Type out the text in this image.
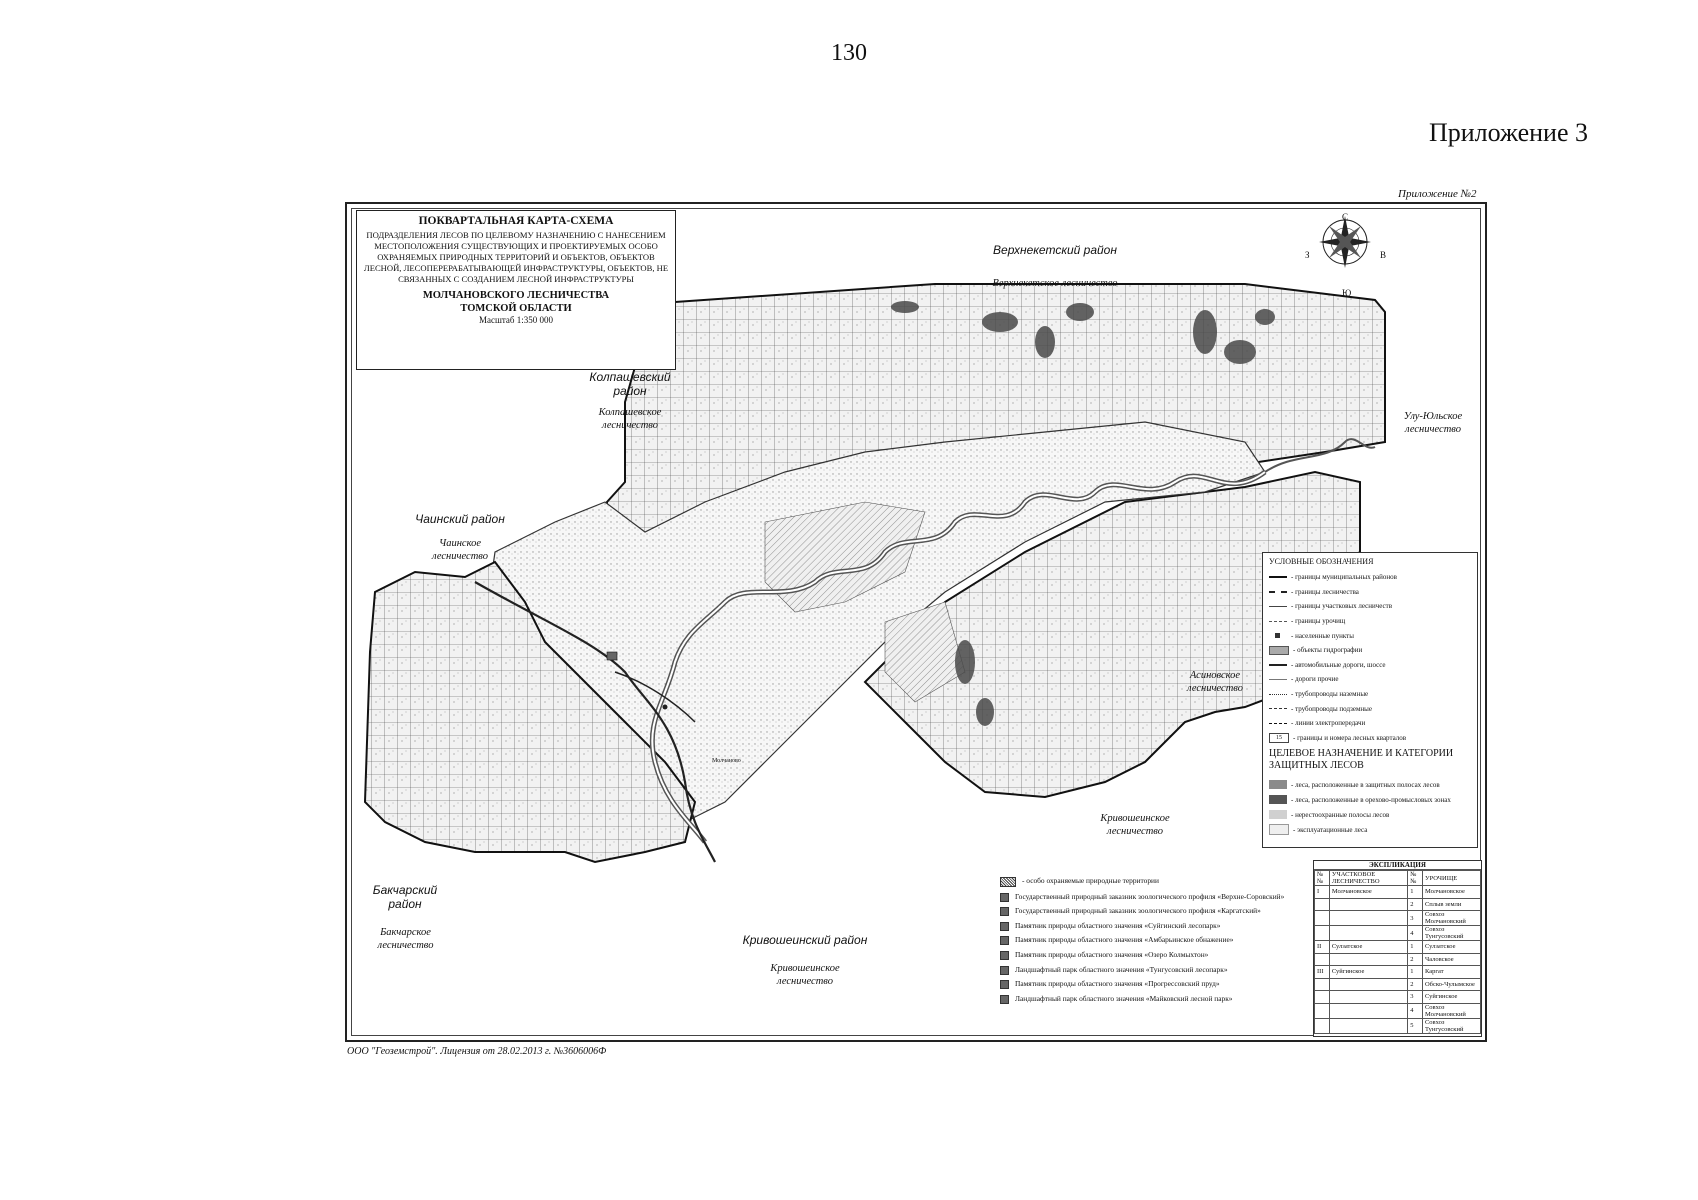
130
Приложение 3
Приложение №2
С
Ю
З	В
ПОКВАРТАЛЬНАЯ КАРТА-СХЕМА
ПОДРАЗДЕЛЕНИЯ ЛЕСОВ ПО ЦЕЛЕВОМУ НАЗНАЧЕНИЮ С НАНЕСЕНИЕМ МЕСТОПОЛОЖЕНИЯ СУЩЕСТВУЮЩИХ И ПРОЕКТИРУЕМЫХ ОСОБО ОХРАНЯЕМЫХ ПРИРОДНЫХ ТЕРРИТОРИЙ И ОБЪЕКТОВ, ОБЪЕКТОВ ЛЕСНОЙ, ЛЕСОПЕРЕРАБАТЫВАЮЩЕЙ ИНФРАСТРУКТУРЫ, ОБЪЕКТОВ, НЕ СВЯЗАННЫХ С СОЗДАНИЕМ ЛЕСНОЙ ИНФРАСТРУКТУРЫ
МОЛЧАНОВСКОГО ЛЕСНИЧЕСТВА
ТОМСКОЙ ОБЛАСТИ
Масштаб 1:350 000
Верхнекетский район
Верхнекетское лесничество
Колпашевский
район
Колпашевское
лесничество
Чаинский район
Чаинское
лесничество
Улу-Юльское
лесничество
Асиновское
лесничество
Кривошеинское
лесничество
Бакчарский
район
Бакчарское
лесничество	Кривошеинский район
Кривошеинское
лесничество
Молчаново
УСЛОВНЫЕ ОБОЗНАЧЕНИЯ
- границы муниципальных районов
- границы лесничества
- границы участковых лесничеств
- границы урочищ
- населенные пункты
- объекты гидрографии
- автомобильные дороги, шоссе
- дороги прочие
- трубопроводы наземные
- трубопроводы подземные
- линии электропередачи
15	- границы и номера лесных кварталов
ЦЕЛЕВОЕ НАЗНАЧЕНИЕ И КАТЕГОРИИ ЗАЩИТНЫХ ЛЕСОВ
- леса, расположенные в защитных полосах лесов
- леса, расположенные в орехово-промысловых зонах
- нерестоохранные полосы лесов
- эксплуатационные леса
- особо охраняемые природные территории
Государственный природный заказник зоологического профиля «Верхне-Соровский»
Государственный природный заказник зоологического профиля «Каргатский»
Памятник природы областного значения «Суйгинский лесопарк»
Памятник природы областного значения «Амбарьинское обнажение»
Памятник природы областного значения «Озеро Колмыхтон»
Ландшафтный парк областного значения «Тунгусовский лесопарк»
Памятник природы областного значения «Прогрессовский пруд»
Ландшафтный парк областного значения «Майковский лесной парк»
ЭКСПЛИКАЦИЯ
№№	УЧАСТКОВОЕ ЛЕСНИЧЕСТВО	№№	УРОЧИЩЕ
I	Молчановское	1	Молчановское
		2	Сплыв земли
		3	Совхоз Молчановский
		4	Совхоз Тунгусовский
II	Сулзатское	1	Сулзатское
		2	Чаловское
III	Суйгинское	1	Каргат
		2	Обско-Чулымское
		3	Суйгинское
		4	Совхоз Молчановский
		5	Совхоз Тунгусовский
ООО "Геоземстрой". Лицензия от 28.02.2013 г. №3606006Ф
